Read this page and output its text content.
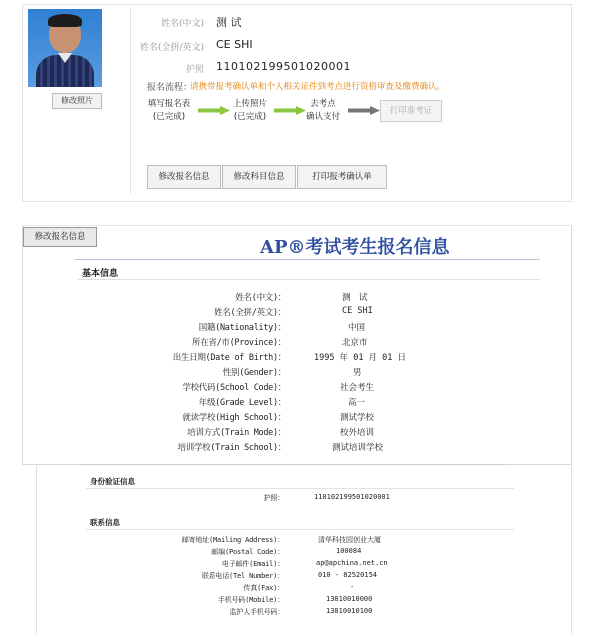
修改照片
姓名(中文) 测 试
姓名(全拼/英文) CE SHI
护照 110102199501020001
报名流程：
请携带报考确认单和个人相关证件到考点进行资格审查及缴费确认。
填写报名表
(已完成)
上传照片
(已完成)
去考点
确认支付
打印准考证
修改报名信息	修改科目信息	打印报考确认单
修改报名信息	AP®考试考生报名信息
基本信息
姓名(中文)：	测　试
姓名(全拼/英文)：	CE SHI
国籍(Nationality)：	中国
所在省/市(Province)：	北京市
出生日期(Date of Birth)：	1995 年 01 月 01 日
性别(Gender)：	男
学校代码(School Code)：	社会考生
年级(Grade Level)：	高一
就读学校(High School)：	测试学校
培训方式(Train Mode)：	校外培训
培训学校(Train School)：	测试培训学校
身份验证信息
护照：	110102199501020001
联系信息
邮寄地址(Mailing Address)：	清华科技园创业大厦
邮编(Postal Code)：	100084
电子邮件(Email)：	ap@apchina.net.cn
联系电话(Tel Number)：	010 - 82520154
传真(Fax)：	-
手机号码(Mobile)：	13810010000
监护人手机号码：	13810010100
